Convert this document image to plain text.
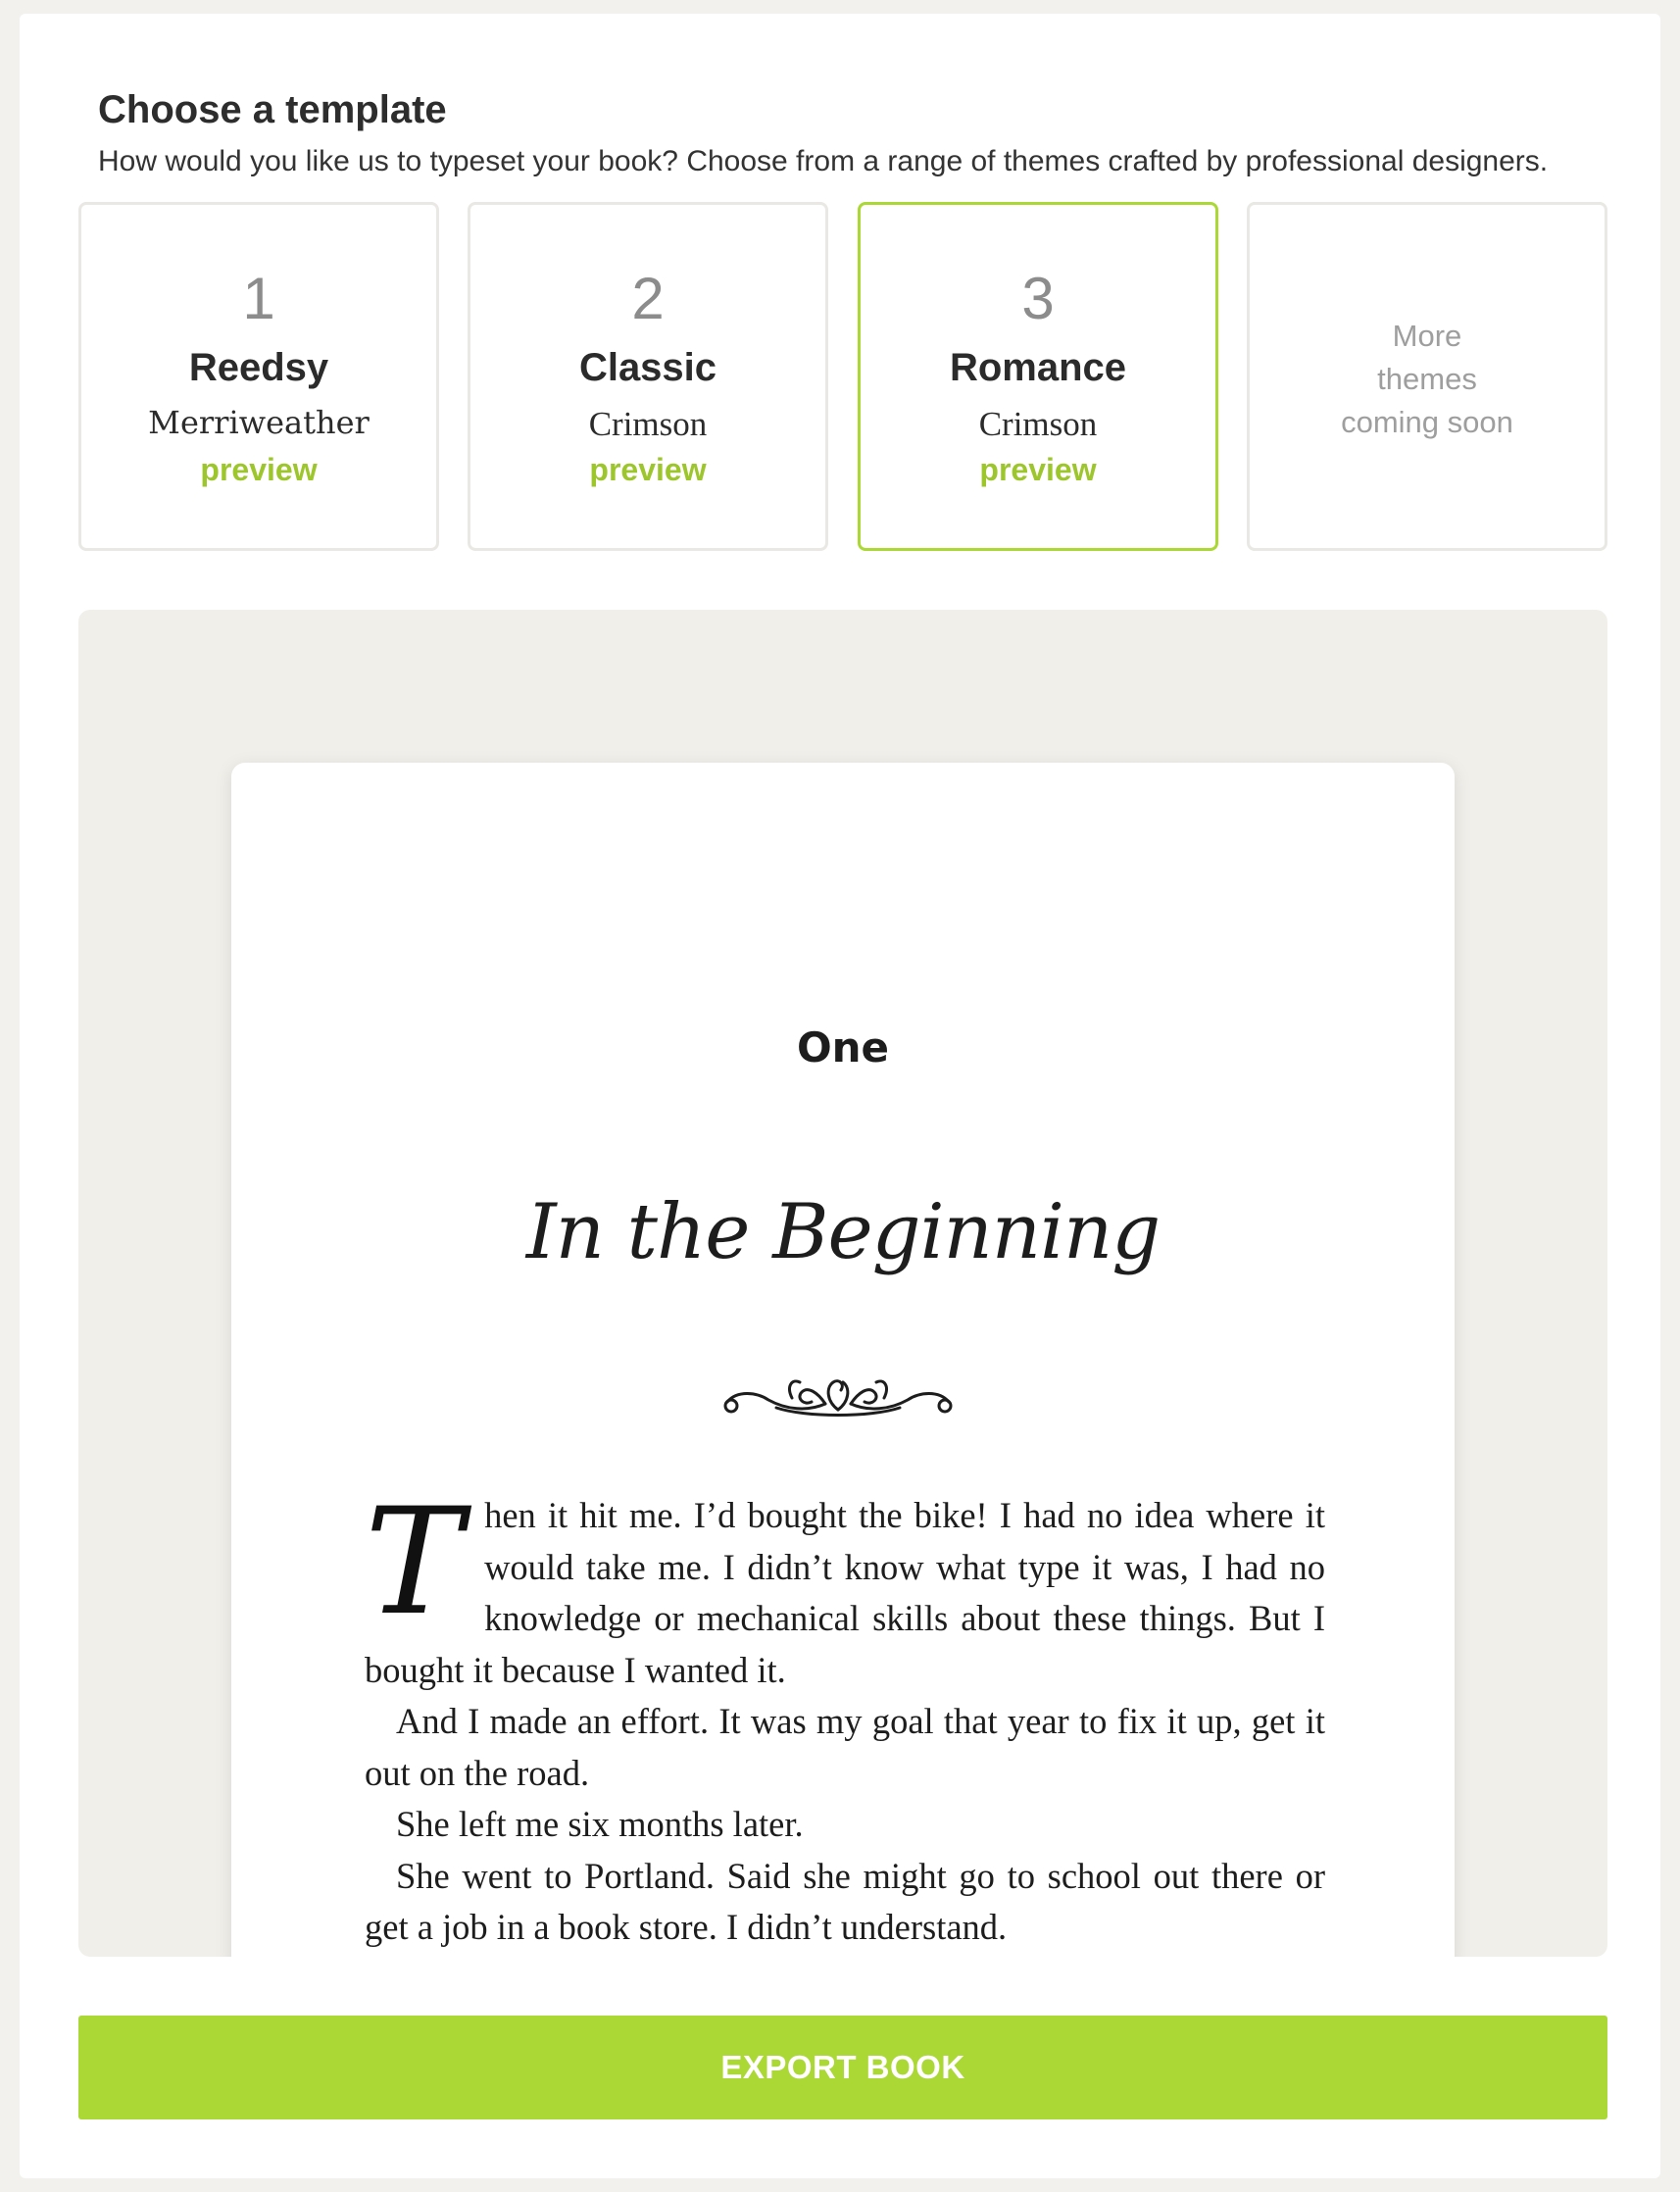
Choose a template

How would you like us to typeset your book? Choose from a range of themes crafted by professional designers.

1
Reedsy
Merriweather
preview
2
Classic
Crimson
preview
3
Romance
Crimson
preview
More
themes
coming soon
One
In the Beginning

Then it hit me. I’d bought the bike! I had no idea where it would take me. I didn’t know what type it was, I had no knowledge or mechanical skills about these things. But I bought it because I wanted it.

And I made an effort. It was my goal that year to fix it up, get it out on the road.

She left me six months later.

She went to Portland. Said she might go to school out there or get a job in a book store. I didn’t understand.

EXPORT BOOK
